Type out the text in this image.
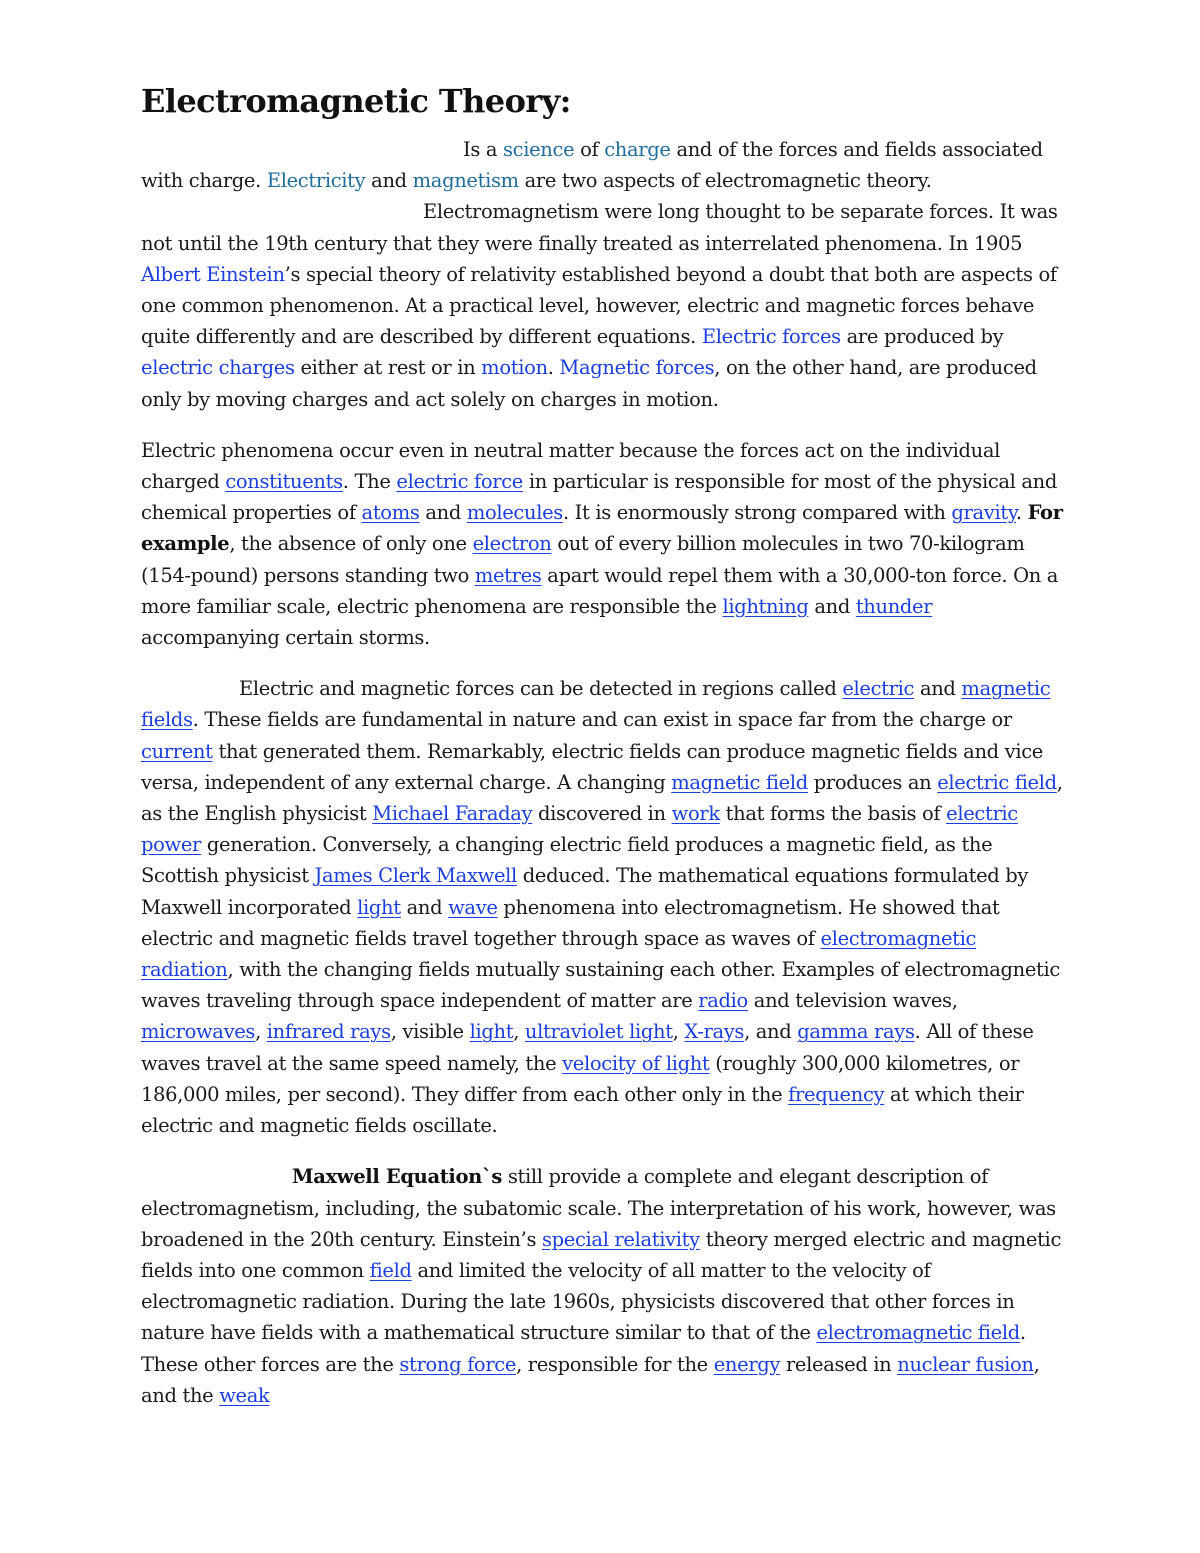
Electromagnetic Theory:

Is a science of charge and of the forces and fields associated with charge. Electricity and magnetism are two aspects of electromagnetic theory.
Electromagnetism were long thought to be separate forces. It was not until the 19th century that they were finally treated as interrelated phenomena. In 1905 Albert Einstein’s special theory of relativity established beyond a doubt that both are aspects of one common phenomenon. At a practical level, however, electric and magnetic forces behave quite differently and are described by different equations. Electric forces are produced by electric charges either at rest or in motion. Magnetic forces, on the other hand, are produced only by moving charges and act solely on charges in motion.

Electric phenomena occur even in neutral matter because the forces act on the individual charged constituents. The electric force in particular is responsible for most of the physical and chemical properties of atoms and molecules. It is enormously strong compared with gravity. For example, the absence of only one electron out of every billion molecules in two 70-kilogram (154-pound) persons standing two metres apart would repel them with a 30,000-ton force. On a more familiar scale, electric phenomena are responsible the lightning and thunder accompanying certain storms.

Electric and magnetic forces can be detected in regions called electric and magnetic fields. These fields are fundamental in nature and can exist in space far from the charge or current that generated them. Remarkably, electric fields can produce magnetic fields and vice versa, independent of any external charge. A changing magnetic field produces an electric field, as the English physicist Michael Faraday discovered in work that forms the basis of electric power generation. Conversely, a changing electric field produces a magnetic field, as the Scottish physicist James Clerk Maxwell deduced. The mathematical equations formulated by Maxwell incorporated light and wave phenomena into electromagnetism. He showed that electric and magnetic fields travel together through space as waves of electromagnetic radiation, with the changing fields mutually sustaining each other. Examples of electromagnetic waves traveling through space independent of matter are radio and television waves, microwaves, infrared rays, visible light, ultraviolet light, X-rays, and gamma rays. All of these waves travel at the same speed namely, the velocity of light (roughly 300,000 kilometres, or 186,000 miles, per second). They differ from each other only in the frequency at which their electric and magnetic fields oscillate.

Maxwell Equation`s still provide a complete and elegant description of electromagnetism, including, the subatomic scale. The interpretation of his work, however, was broadened in the 20th century. Einstein’s special relativity theory merged electric and magnetic fields into one common field and limited the velocity of all matter to the velocity of electromagnetic radiation. During the late 1960s, physicists discovered that other forces in nature have fields with a mathematical structure similar to that of the electromagnetic field. These other forces are the strong force, responsible for the energy released in nuclear fusion, and the weak
